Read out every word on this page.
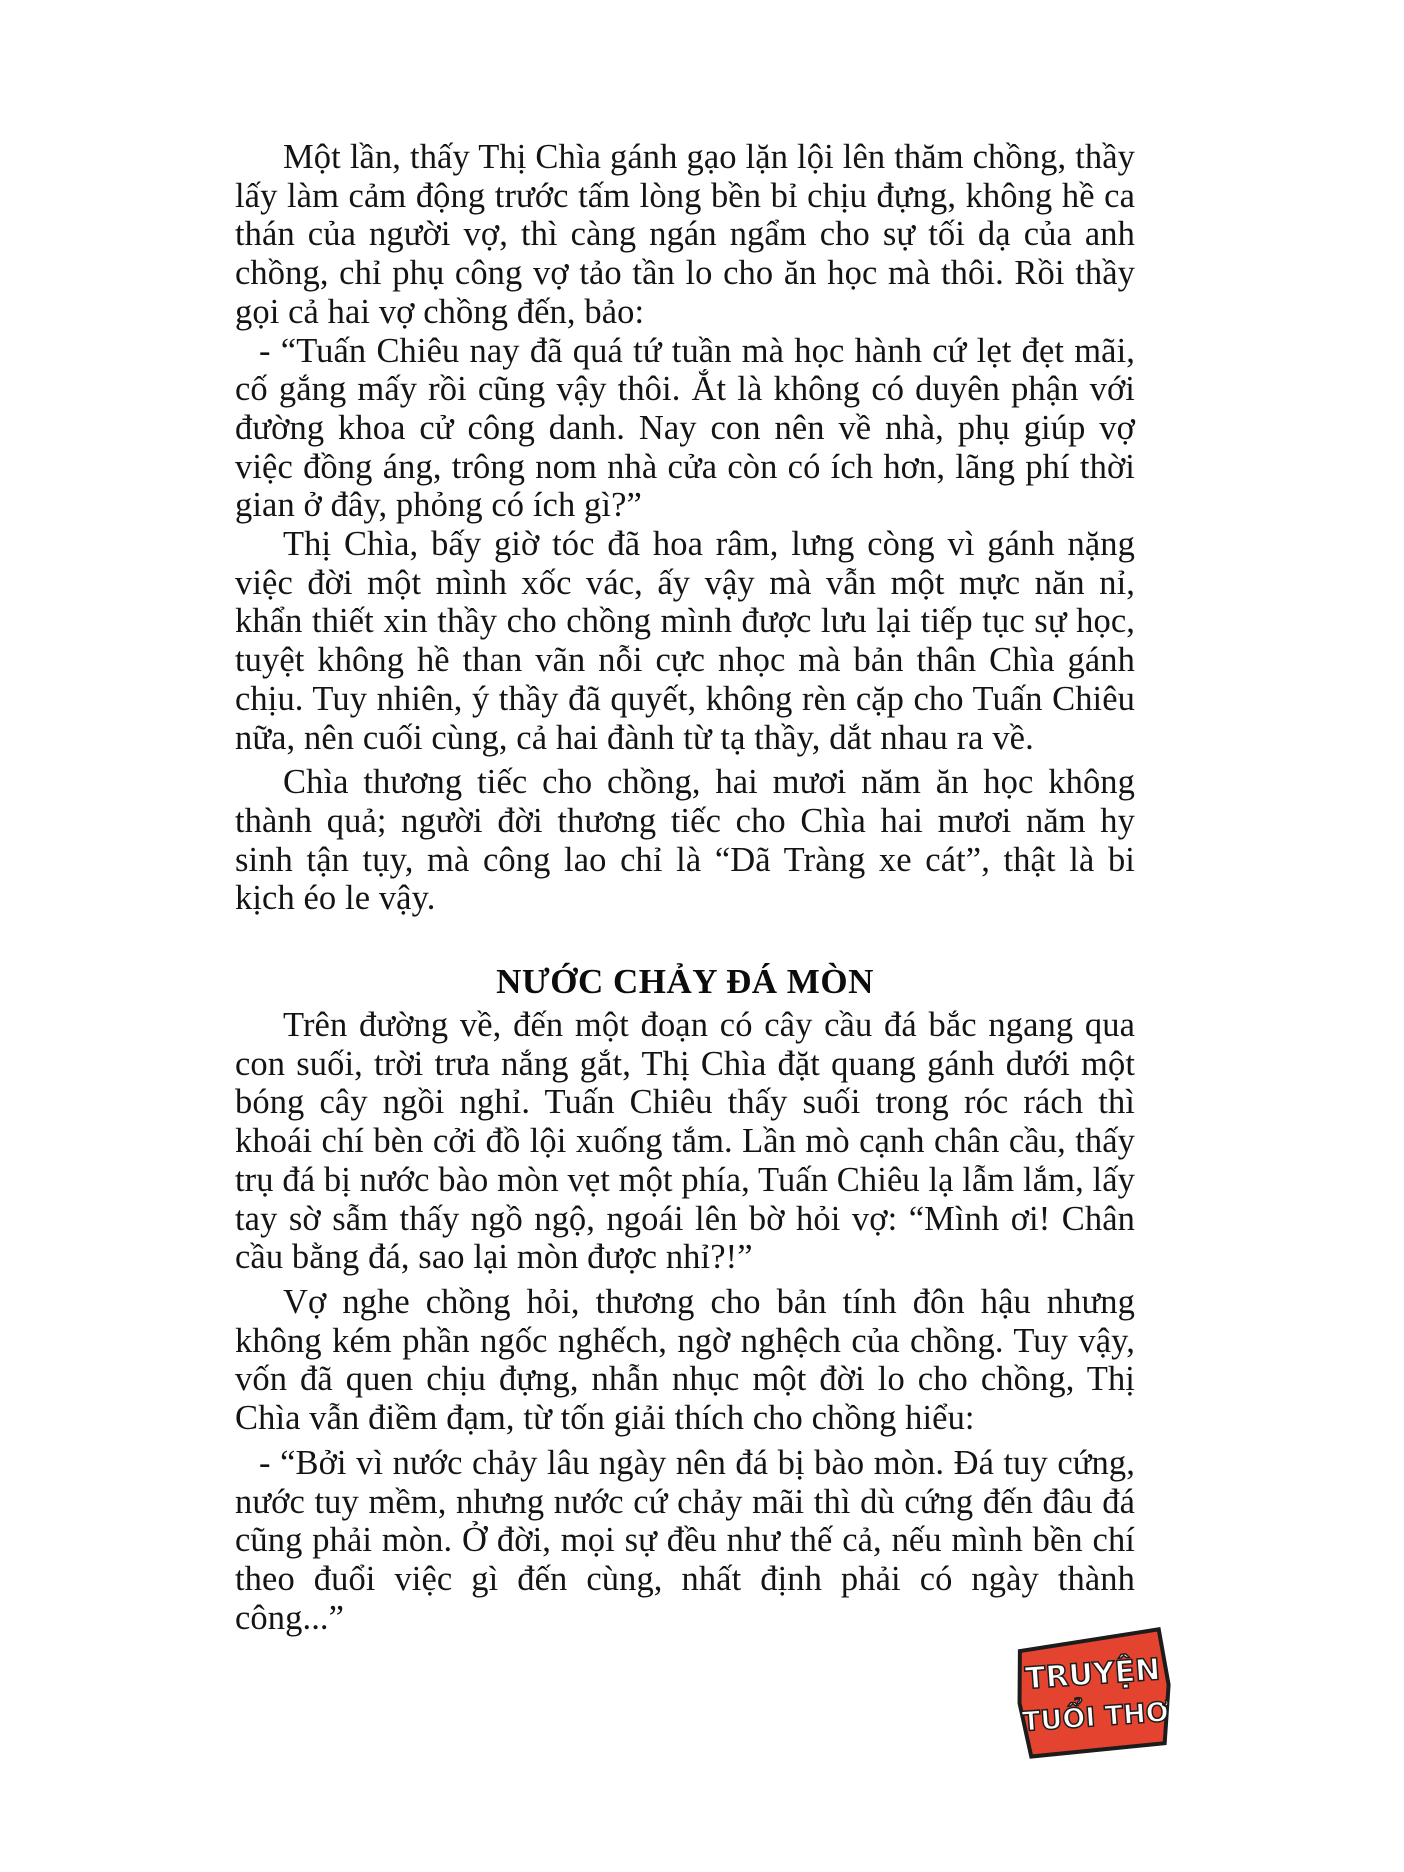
Một lần, thấy Thị Chìa gánh gạo lặn lội lên thăm chồng, thầy lấy làm cảm động trước tấm lòng bền bỉ chịu đựng, không hề ca thán của người vợ, thì càng ngán ngẩm cho sự tối dạ của anh chồng, chỉ phụ công vợ tảo tần lo cho ăn học mà thôi. Rồi thầy gọi cả hai vợ chồng đến, bảo:

- “Tuấn Chiêu nay đã quá tứ tuần mà học hành cứ lẹt đẹt mãi, cố gắng mấy rồi cũng vậy thôi. Ắt là không có duyên phận với đường khoa cử công danh. Nay con nên về nhà, phụ giúp vợ việc đồng áng, trông nom nhà cửa còn có ích hơn, lãng phí thời gian ở đây, phỏng có ích gì?”

Thị Chìa, bấy giờ tóc đã hoa râm, lưng còng vì gánh nặng việc đời một mình xốc vác, ấy vậy mà vẫn một mực năn nỉ, khẩn thiết xin thầy cho chồng mình được lưu lại tiếp tục sự học, tuyệt không hề than vãn nỗi cực nhọc mà bản thân Chìa gánh chịu. Tuy nhiên, ý thầy đã quyết, không rèn cặp cho Tuấn Chiêu nữa, nên cuối cùng, cả hai đành từ tạ thầy, dắt nhau ra về.

Chìa thương tiếc cho chồng, hai mươi năm ăn học không thành quả; người đời thương tiếc cho Chìa hai mươi năm hy sinh tận tụy, mà công lao chỉ là “Dã Tràng xe cát”, thật là bi kịch éo le vậy.

NƯỚC CHẢY ĐÁ MÒN

Trên đường về, đến một đoạn có cây cầu đá bắc ngang qua con suối, trời trưa nắng gắt, Thị Chìa đặt quang gánh dưới một bóng cây ngồi nghỉ. Tuấn Chiêu thấy suối trong róc rách thì khoái chí bèn cởi đồ lội xuống tắm. Lần mò cạnh chân cầu, thấy trụ đá bị nước bào mòn vẹt một phía, Tuấn Chiêu lạ lẫm lắm, lấy tay sờ sẫm thấy ngồ ngộ, ngoái lên bờ hỏi vợ: “Mình ơi! Chân cầu bằng đá, sao lại mòn được nhỉ?!”

Vợ nghe chồng hỏi, thương cho bản tính đôn hậu nhưng không kém phần ngốc nghếch, ngờ nghệch của chồng. Tuy vậy, vốn đã quen chịu đựng, nhẫn nhục một đời lo cho chồng, Thị Chìa vẫn điềm đạm, từ tốn giải thích cho chồng hiểu:

- “Bởi vì nước chảy lâu ngày nên đá bị bào mòn. Đá tuy cứng, nước tuy mềm, nhưng nước cứ chảy mãi thì dù cứng đến đâu đá cũng phải mòn. Ở đời, mọi sự đều như thế cả, nếu mình bền chí theo đuổi việc gì đến cùng, nhất định phải có ngày thành công...”

TRUYỆN
TUỔI THƠ
